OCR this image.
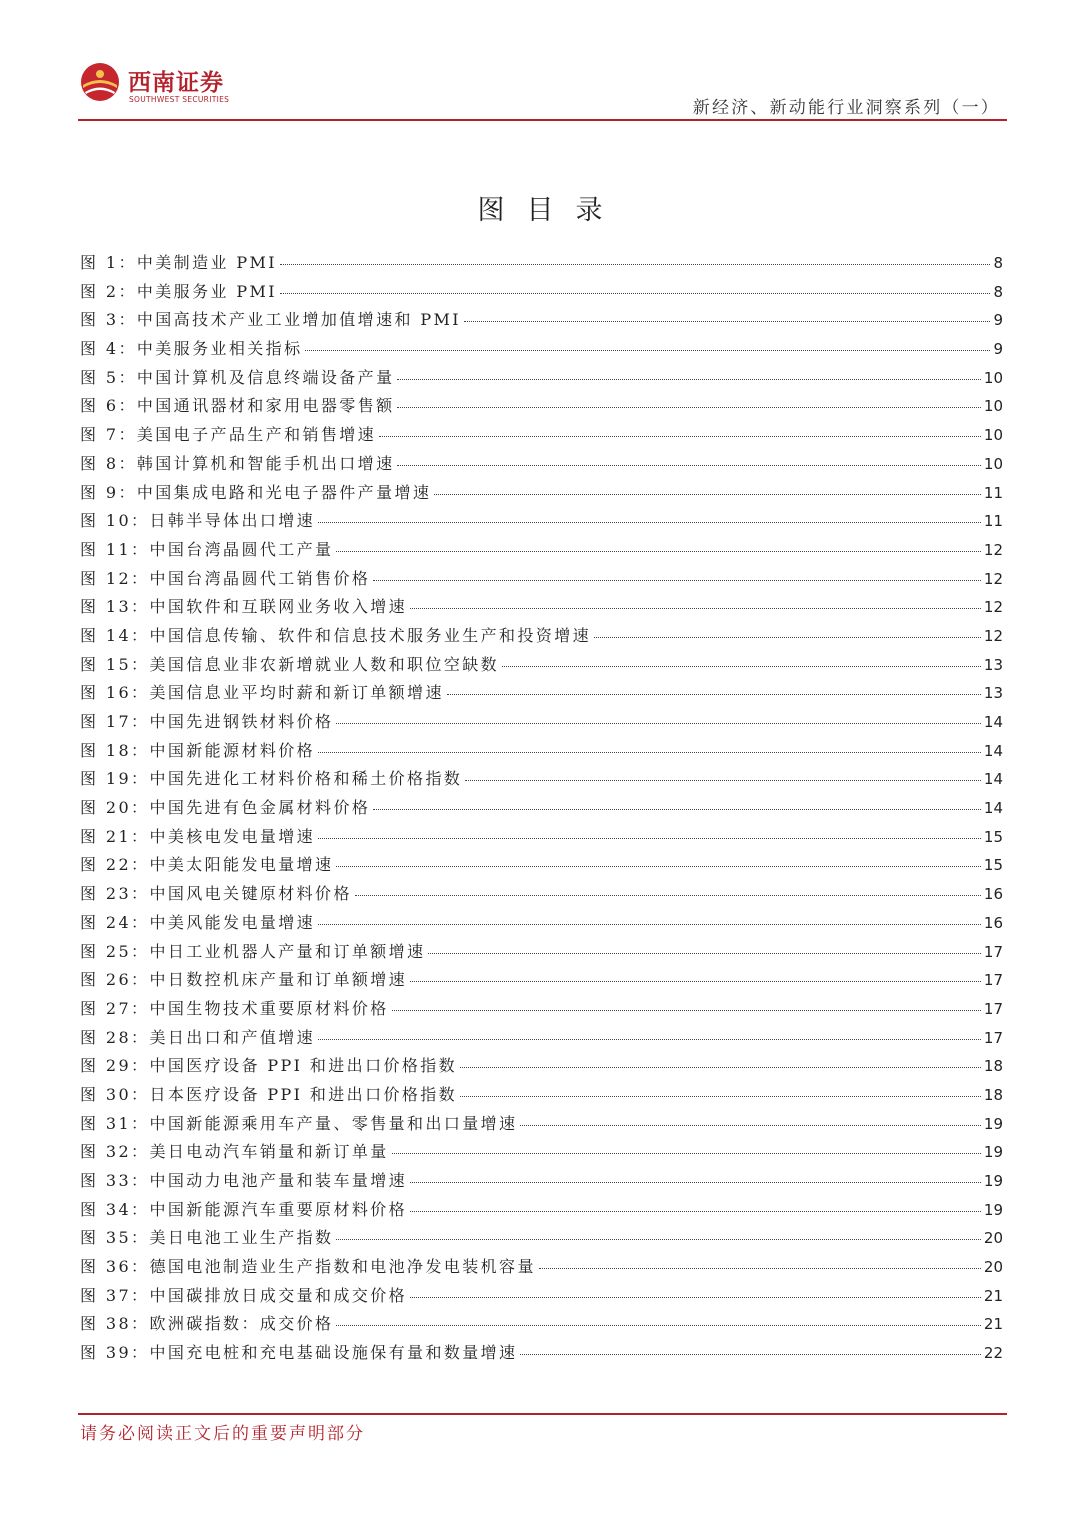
西南证券
SOUTHWEST SECURITIES	新经济、新动能行业洞察系列（一）
图目录
图 1：中美制造业 PMI	8
图 2：中美服务业 PMI	8
图 3：中国高技术产业工业增加值增速和 PMI	9
图 4：中美服务业相关指标	9
图 5：中国计算机及信息终端设备产量	10
图 6：中国通讯器材和家用电器零售额	10
图 7：美国电子产品生产和销售增速	10
图 8：韩国计算机和智能手机出口增速	10
图 9：中国集成电路和光电子器件产量增速	11
图 10：日韩半导体出口增速	11
图 11：中国台湾晶圆代工产量	12
图 12：中国台湾晶圆代工销售价格	12
图 13：中国软件和互联网业务收入增速	12
图 14：中国信息传输、软件和信息技术服务业生产和投资增速	12
图 15：美国信息业非农新增就业人数和职位空缺数	13
图 16：美国信息业平均时薪和新订单额增速	13
图 17：中国先进钢铁材料价格	14
图 18：中国新能源材料价格	14
图 19：中国先进化工材料价格和稀土价格指数	14
图 20：中国先进有色金属材料价格	14
图 21：中美核电发电量增速	15
图 22：中美太阳能发电量增速	15
图 23：中国风电关键原材料价格	16
图 24：中美风能发电量增速	16
图 25：中日工业机器人产量和订单额增速	17
图 26：中日数控机床产量和订单额增速	17
图 27：中国生物技术重要原材料价格	17
图 28：美日出口和产值增速	17
图 29：中国医疗设备 PPI 和进出口价格指数	18
图 30：日本医疗设备 PPI 和进出口价格指数	18
图 31：中国新能源乘用车产量、零售量和出口量增速	19
图 32：美日电动汽车销量和新订单量	19
图 33：中国动力电池产量和装车量增速	19
图 34：中国新能源汽车重要原材料价格	19
图 35：美日电池工业生产指数	20
图 36：德国电池制造业生产指数和电池净发电装机容量	20
图 37：中国碳排放日成交量和成交价格	21
图 38：欧洲碳指数：成交价格	21
图 39：中国充电桩和充电基础设施保有量和数量增速	22
请务必阅读正文后的重要声明部分
